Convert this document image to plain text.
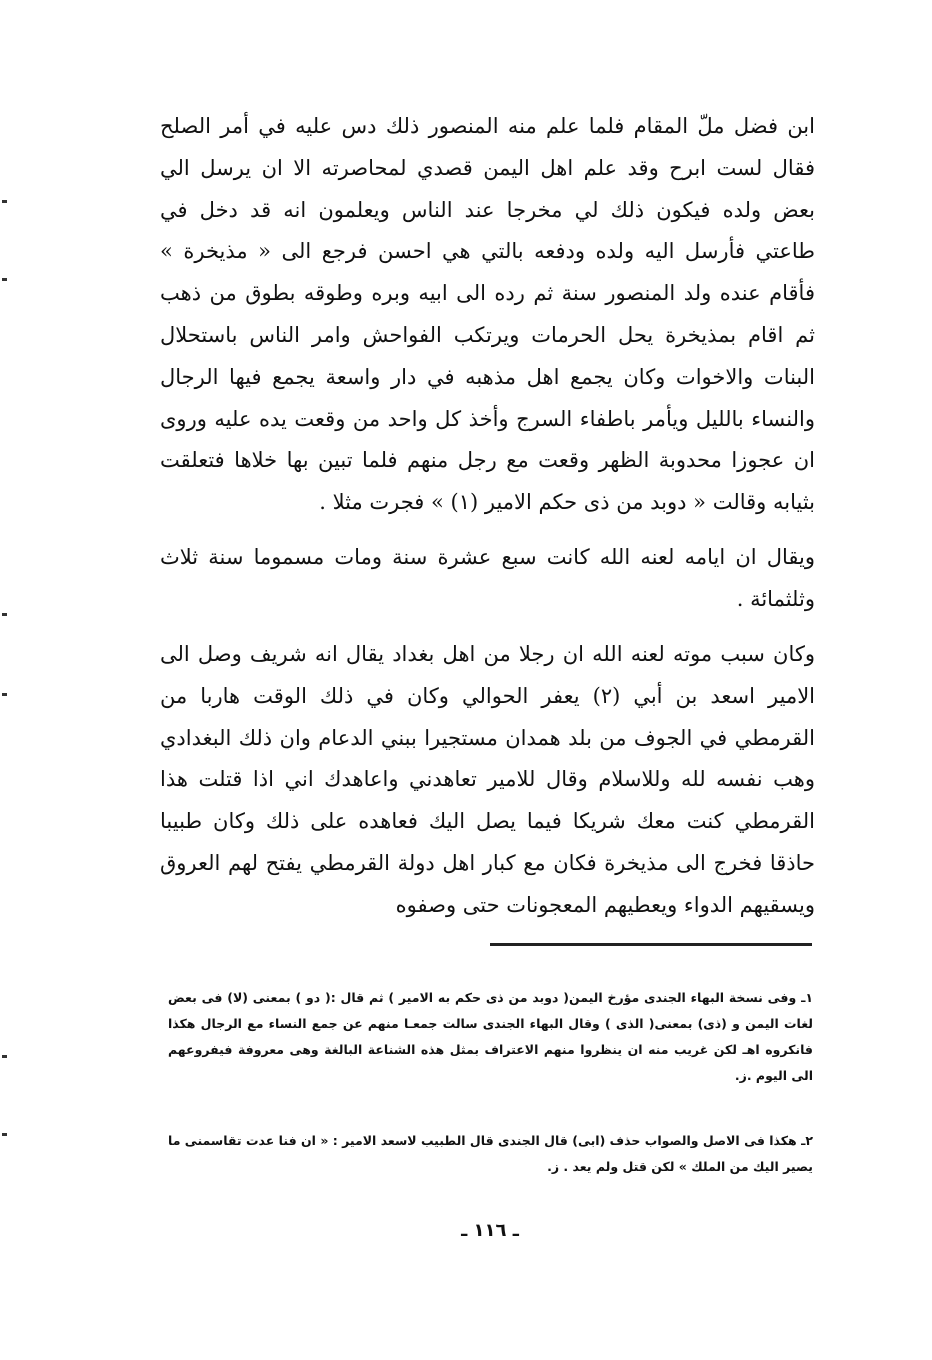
ابن فضل ملّ المقام فلما علم منه المنصور ذلك دس عليه في أمر الصلح فقال لست ابرح وقد علم اهل اليمن قصدي لمحاصرته الا ان يرسل الي بعض ولده فيكون ذلك لي مخرجا عند الناس ويعلمون انه قد دخل في طاعتي فأرسل اليه ولده ودفعه بالتي هي احسن فرجع الى « مذيخرة » فأقام عنده ولد المنصور سنة ثم رده الى ابيه وبره وطوقه بطوق من ذهب ثم اقام بمذيخرة يحل الحرمات ويرتكب الفواحش وامر الناس باستحلال البنات والاخوات وكان يجمع اهل مذهبه في دار واسعة يجمع فيها الرجال والنساء بالليل ويأمر باطفاء السرج وأخذ كل واحد من وقعت يده عليه وروى ان عجوزا محدوبة الظهر وقعت مع رجل منهم فلما تبين بها خلاها فتعلقت بثيابه وقالت « دوبد من ذى حكم الامير (١) » فجرت مثلا .

ويقال ان ايامه لعنه الله كانت سبع عشرة سنة ومات مسموما سنة ثلاث وثلثمائة .

وكان سبب موته لعنه الله ان رجلا من اهل بغداد يقال انه شريف وصل الى الامير اسعد بن أبي (٢) يعفر الحوالي وكان في ذلك الوقت هاربا من القرمطي في الجوف من بلد همدان مستجيرا ببني الدعام وان ذلك البغدادي وهب نفسه لله وللاسلام وقال للامير تعاهدني واعاهدك اني اذا قتلت هذا القرمطي كنت معك شريكا فيما يصل اليك فعاهده على ذلك وكان طبيبا حاذقا فخرج الى مذيخرة فكان مع كبار اهل دولة القرمطي يفتح لهم العروق ويسقيهم الدواء ويعطيهم المعجونات حتى وصفوه

١ـ وفى نسخة البهاء الجندى مؤرخ اليمن( دوبد من ذى حكم به الامير ) ثم قال :( دو ) بمعنى (لا) فى بعض لغات اليمن و (ذى) بمعنى( الذى ) وقال البهاء الجندى سالت جمعـا منهم عن جمع النساء مع الرجال هكذا فانكروه اهـ لكن غريب منه ان ينظروا منهم الاعتراف بمثل هذه الشناعة البالغة وهى معروفة فيفروعهم الى اليوم .ز.

٢ـ هكذا فى الاصل والصواب حذف (ابى) قال الجندى قال الطبيب لاسعد الامير : « ان فنا عدت تقاسمنى ما يصير اليك من الملك » لكن قتل ولم يعد . ز.

ـ ١١٦ ـ
